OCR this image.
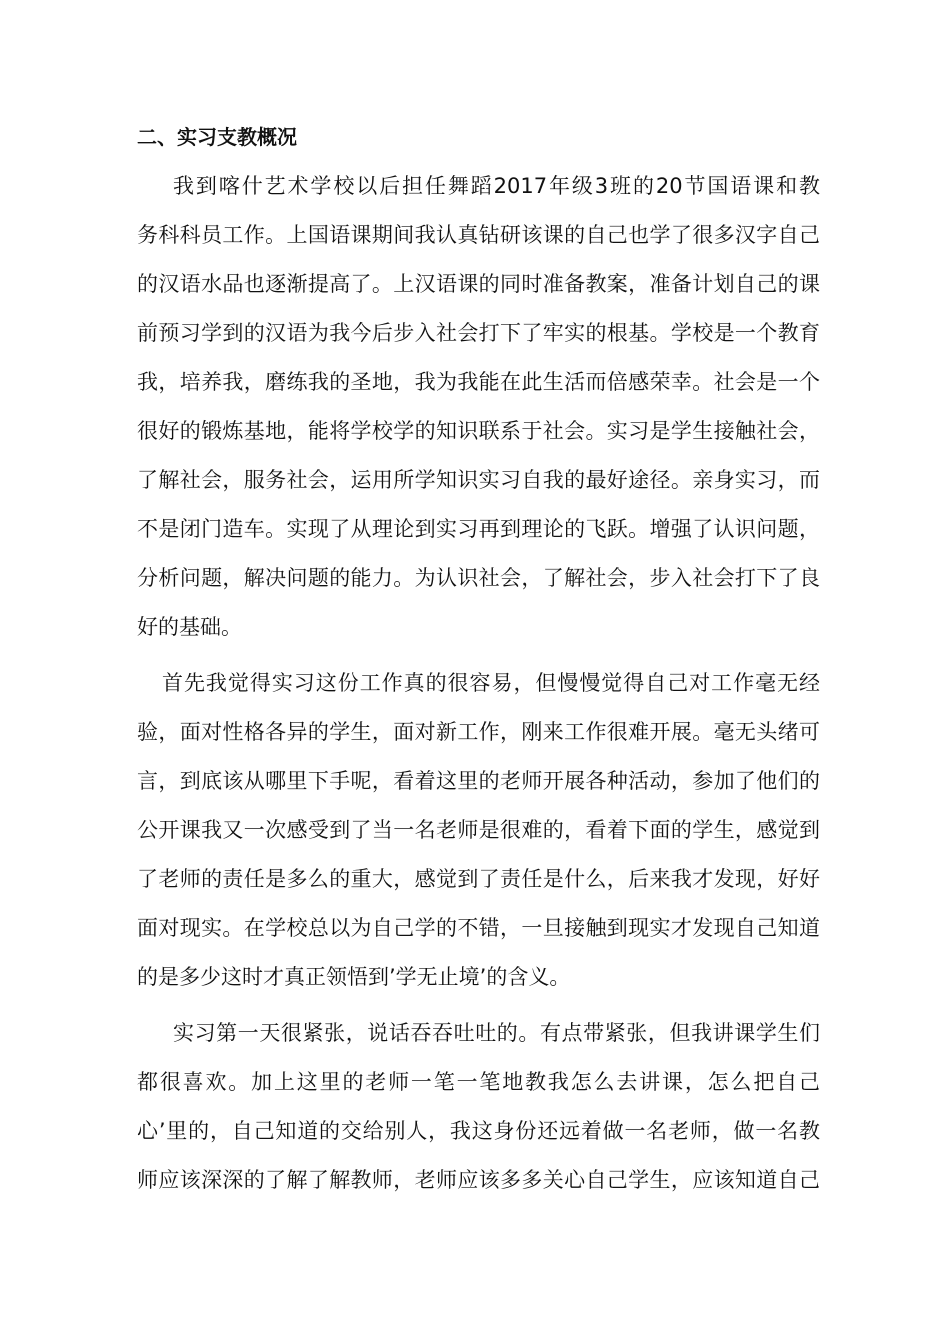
二、实习支教概况

我到喀什艺术学校以后担任舞蹈2017年级3班的20节国语课和教

务科科员工作。上国语课期间我认真钻研该课的自己也学了很多汉字自己

的汉语水品也逐渐提高了。上汉语课的同时准备教案，准备计划自己的课

前预习学到的汉语为我今后步入社会打下了牢实的根基。学校是一个教育

我，培养我，磨练我的圣地，我为我能在此生活而倍感荣幸。社会是一个

很好的锻炼基地，能将学校学的知识联系于社会。实习是学生接触社会，

了解社会，服务社会，运用所学知识实习自我的最好途径。亲身实习，而

不是闭门造车。实现了从理论到实习再到理论的飞跃。增强了认识问题，

分析问题，解决问题的能力。为认识社会，了解社会，步入社会打下了良

好的基础。

首先我觉得实习这份工作真的很容易，但慢慢觉得自己对工作毫无经

验，面对性格各异的学生，面对新工作，刚来工作很难开展。毫无头绪可

言，到底该从哪里下手呢，看着这里的老师开展各种活动，参加了他们的

公开课我又一次感受到了当一名老师是很难的，看着下面的学生，感觉到

了老师的责任是多么的重大，感觉到了责任是什么，后来我才发现，好好

面对现实。在学校总以为自己学的不错，一旦接触到现实才发现自己知道

的是多少这时才真正领悟到’学无止境’的含义。

实习第一天很紧张，说话吞吞吐吐的。有点带紧张，但我讲课学生们

都很喜欢。加上这里的老师一笔一笔地教我怎么去讲课，怎么把自己

心’里的，自己知道的交给别人，我这身份还远着做一名老师，做一名教

师应该深深的了解了解教师，老师应该多多关心自己学生，应该知道自己
